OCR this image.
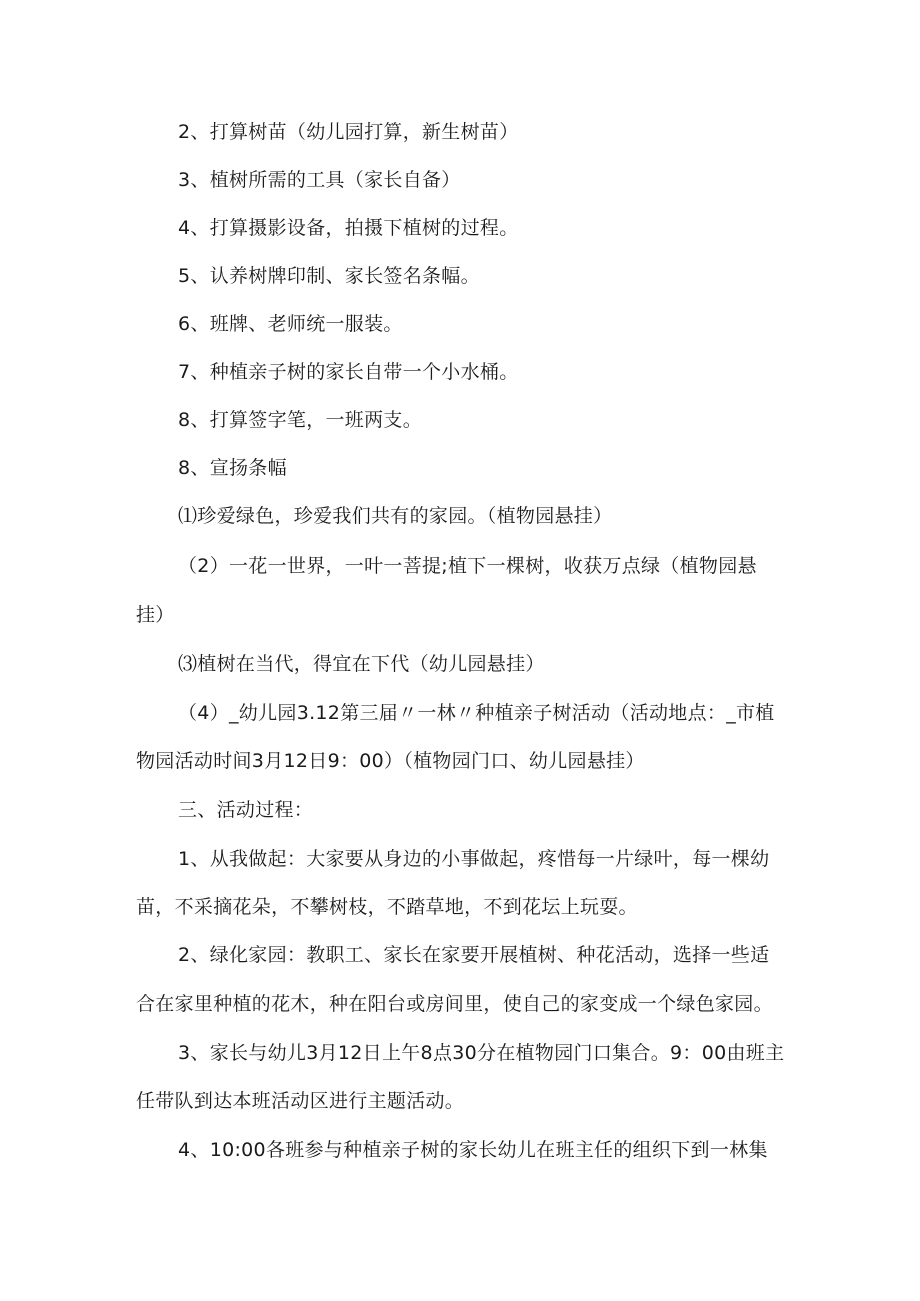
2、打算树苗（幼儿园打算，新生树苗）
3、植树所需的工具（家长自备）
4、打算摄影设备，拍摄下植树的过程。
5、认养树牌印制、家长签名条幅。
6、班牌、老师统一服装。
7、种植亲子树的家长自带一个小水桶。
8、打算签字笔，一班两支。
8、宣扬条幅
⑴珍爱绿色，珍爱我们共有的家园。（植物园悬挂）
（2）一花一世界，一叶一菩提;植下一棵树，收获万点绿（植物园悬
挂）
⑶植树在当代，得宜在下代（幼儿园悬挂）
（4）_幼儿园3.12第三届〃一林〃种植亲子树活动（活动地点：_市植
物园活动时间3月12日9：00）（植物园门口、幼儿园悬挂）
三、活动过程：
1、从我做起：大家要从身边的小事做起，疼惜每一片绿叶，每一棵幼
苗，不采摘花朵，不攀树枝，不踏草地，不到花坛上玩耍。
2、绿化家园：教职工、家长在家要开展植树、种花活动，选择一些适
合在家里种植的花木，种在阳台或房间里，使自己的家变成一个绿色家园。
3、家长与幼儿3月12日上午8点30分在植物园门口集合。9：00由班主
任带队到达本班活动区进行主题活动。
4、10:00各班参与种植亲子树的家长幼儿在班主任的组织下到一林集
